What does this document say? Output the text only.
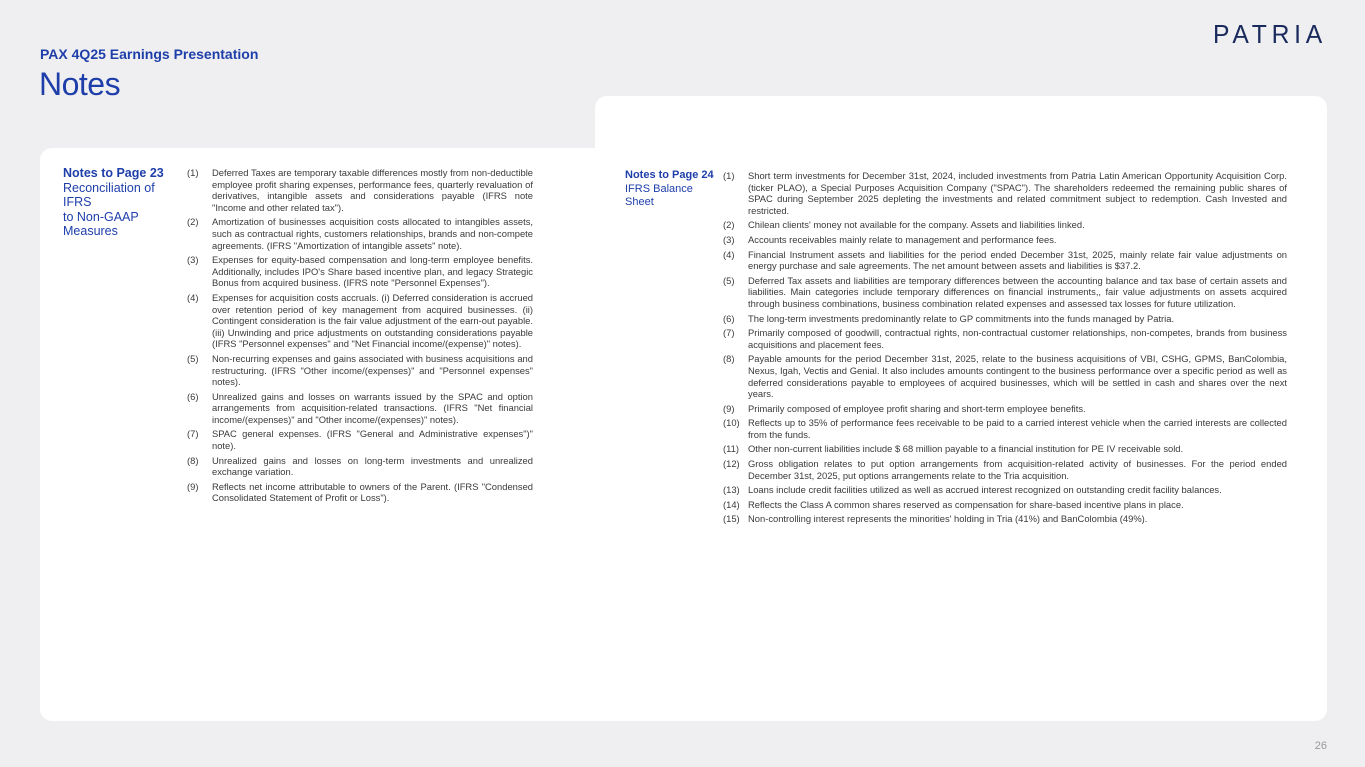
PAX 4Q25 Earnings Presentation
Notes
PATRIA
Notes to Page 23
Reconciliation of
IFRS
to Non-GAAP
Measures
(1)	Deferred Taxes are temporary taxable differences mostly from non-deductible employee profit sharing expenses, performance fees, quarterly revaluation of derivatives, intangible assets and considerations payable (IFRS note "Income and other related tax").
(2)	Amortization of businesses acquisition costs allocated to intangibles assets, such as contractual rights, customers relationships, brands and non-compete agreements. (IFRS "Amortization of intangible assets" note).
(3)	Expenses for equity-based compensation and long-term employee benefits. Additionally, includes IPO's Share based incentive plan, and legacy Strategic Bonus from acquired business. (IFRS note "Personnel Expenses").
(4)	Expenses for acquisition costs accruals. (i) Deferred consideration is accrued over retention period of key management from acquired businesses. (ii) Contingent consideration is the fair value adjustment of the earn-out payable. (iii) Unwinding and price adjustments on outstanding considerations payable (IFRS "Personnel expenses" and "Net Financial income/(expense)" notes).
(5)	Non-recurring expenses and gains associated with business acquisitions and restructuring. (IFRS "Other income/(expenses)" and "Personnel expenses" notes).
(6)	Unrealized gains and losses on warrants issued by the SPAC and option arrangements from acquisition-related transactions. (IFRS "Net financial income/(expenses)" and "Other income/(expenses)" notes).
(7)	SPAC general expenses. (IFRS "General and Administrative expenses")" note).
(8)	Unrealized gains and losses on long-term investments and unrealized exchange variation.
(9)	Reflects net income attributable to owners of the Parent. (IFRS "Condensed Consolidated Statement of Profit or Loss").
Notes to Page 24
IFRS Balance
Sheet
(1)	Short term investments for December 31st, 2024, included investments from Patria Latin American Opportunity Acquisition Corp. (ticker PLAO), a Special Purposes Acquisition Company ("SPAC"). The shareholders redeemed the remaining public shares of SPAC during September 2025 depleting the investments and related commitment subject to redemption. Cash Invested and restricted.
(2)	Chilean clients' money not available for the company. Assets and liabilities linked.
(3)	Accounts receivables mainly relate to management and performance fees.
(4)	Financial Instrument assets and liabilities for the period ended December 31st, 2025, mainly relate fair value adjustments on energy purchase and sale agreements. The net amount between assets and liabilities is $37.2.
(5)	Deferred Tax assets and liabilities are temporary differences between the accounting balance and tax base of certain assets and liabilities. Main categories include temporary differences on financial instruments,, fair value adjustments on assets acquired through business combinations, business combination related expenses and assessed tax losses for future utilization.
(6)	The long-term investments predominantly relate to GP commitments into the funds managed by Patria.
(7)	Primarily composed of goodwill, contractual rights, non-contractual customer relationships, non-competes, brands from business acquisitions and placement fees.
(8)	Payable amounts for the period December 31st, 2025, relate to the business acquisitions of VBI, CSHG, GPMS, BanColombia, Nexus, Igah, Vectis and Genial. It also includes amounts contingent to the business performance over a specific period as well as deferred considerations payable to employees of acquired businesses, which will be settled in cash and shares over the next years.
(9)	Primarily composed of employee profit sharing and short-term employee benefits.
(10) Reflects up to 35% of performance fees receivable to be paid to a carried interest vehicle when the carried interests are collected from the funds.
(11) Other non-current liabilities include $ 68 million payable to a financial institution for PE IV receivable sold.
(12) Gross obligation relates to put option arrangements from acquisition-related activity of businesses. For the period ended December 31st, 2025, put options arrangements relate to the Tria acquisition.
(13) Loans include credit facilities utilized as well as accrued interest recognized on outstanding credit facility balances.
(14) Reflects the Class A common shares reserved as compensation for share-based incentive plans in place.
(15) Non-controlling interest represents the minorities' holding in Tria (41%) and BanColombia (49%).
26
